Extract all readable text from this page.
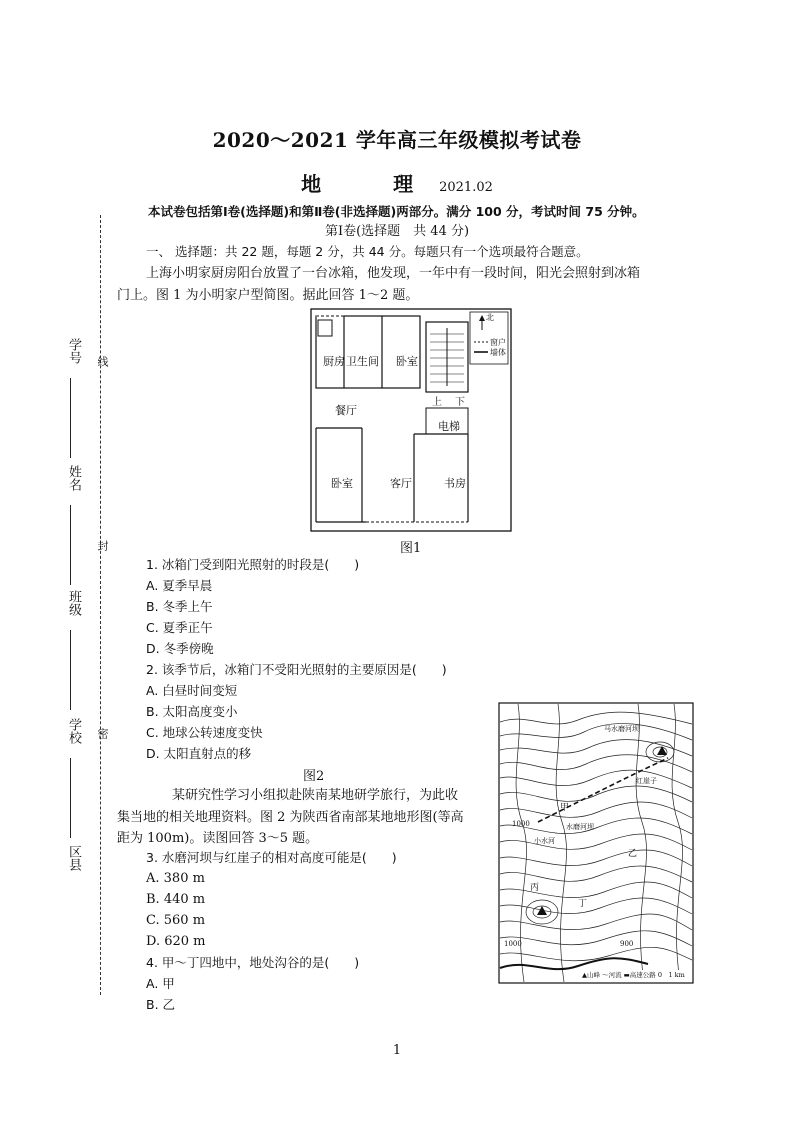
线
封
密
学号
姓名
班级
学校
区县
2020～2021 学年高三年级模拟考试卷
地　理2021.02
本试卷包括第Ⅰ卷(选择题)和第Ⅱ卷(非选择题)两部分。满分 100 分，考试时间 75 分钟。
第Ⅰ卷(选择题　共 44 分)
一、 选择题：共 22 题，每题 2 分，共 44 分。每题只有一个选项最符合题意。
上海小明家厨房阳台放置了一台冰箱，他发现，一年中有一段时间，阳光会照射到冰箱
门上。图 1 为小明家户型简图。据此回答 1～2 题。
厨房 卫生间 卧室
餐厅
卧室	客厅	书房
电梯
上 下
北
窗户
墙体
图1
1. 冰箱门受到阳光照射的时段是(　　)
A. 夏季早晨
B. 冬季上午
C. 夏季正午
D. 冬季傍晚
2. 该季节后，冰箱门不受阳光照射的主要原因是(　　)
A. 白昼时间变短
B. 太阳高度变小
C. 地球公转速度变快
D. 太阳直射点的移
图2
马水磨河坝
红崖子
水磨河坝
小水河
甲
乙
丙
丁
1000
1000	900
▲山峰 ～河流 ▬高速公路 0　1 km
某研究性学习小组拟赴陕南某地研学旅行，为此收
集当地的相关地理资料。图 2 为陕西省南部某地地形图(等高
距为 100m)。读图回答 3～5 题。
3. 水磨河坝与红崖子的相对高度可能是(　　)
A. 380 m
B. 440 m
C. 560 m
D. 620 m
4. 甲～丁四地中，地处沟谷的是(　　)
A. 甲
B. 乙
1
